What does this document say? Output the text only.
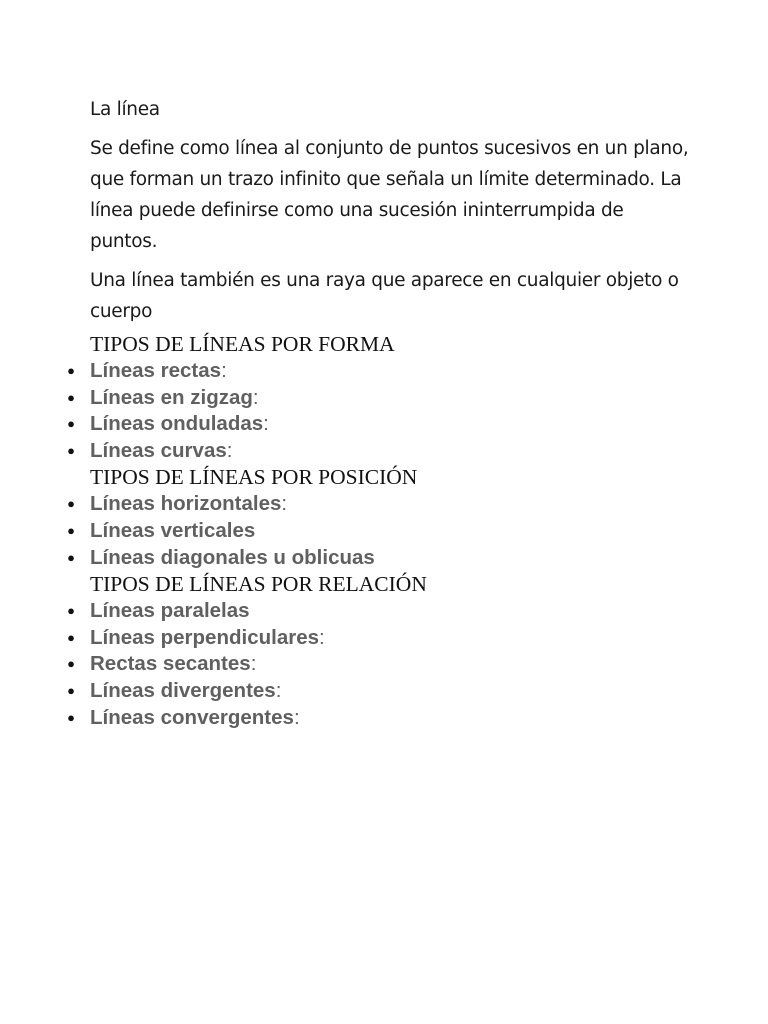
La línea

Se define como línea al conjunto de puntos sucesivos en un plano, que forman un trazo infinito que señala un límite determinado. La línea puede definirse como una sucesión ininterrumpida de puntos.

Una línea también es una raya que aparece en cualquier objeto o cuerpo

TIPOS DE LÍNEAS POR FORMA

● Líneas rectas:
● Líneas en zigzag:
● Líneas onduladas:
● Líneas curvas:

TIPOS DE LÍNEAS POR POSICIÓN

● Líneas horizontales:
● Líneas verticales
● Líneas diagonales u oblicuas

TIPOS DE LÍNEAS POR RELACIÓN

● Líneas paralelas
● Líneas perpendiculares:
● Rectas secantes:
● Líneas divergentes:
● Líneas convergentes:
